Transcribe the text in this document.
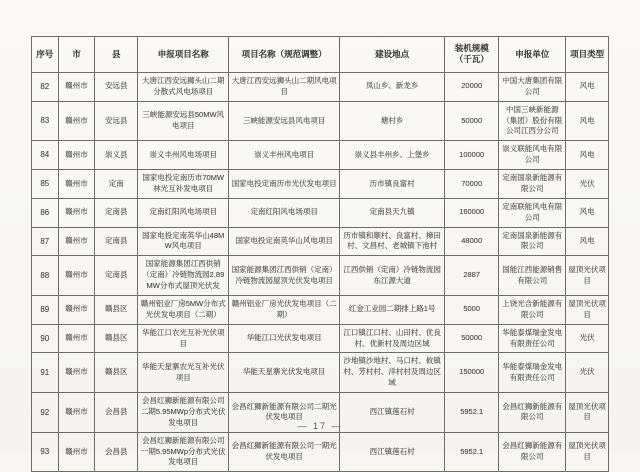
序号	市	县	申报项目名称	项目名称（规范调整）	建设地点	装机规模（千瓦）	申报单位	项目类型
82	赣州市	安远县	大唐江西安远狮头山二期分散式风电场项目	大唐江西安远狮头山二期风电项目	凤山乡、新龙乡	20000	中国大唐集团有限公司	风电
83	赣州市	安远县	三峡能源安远县50MW风电项目	三峡能源安远县风电项目	塘村乡	50000	中国三峡新能源（集团）股份有限公司江西分公司	风电
84	赣州市	崇义县	崇义丰州风电场项目	崇义丰州风电项目	崇义县丰州乡、上堡乡	100000	崇义联能风电有限公司	风电
85	赣州市	定南	国家电投定南历市70MW林光互补发电项目	国家电投定南历市光伏发电项目	历市镇良富村	70000	定南国泉新能源有限公司	光伏
86	赣州市	定南县	定南红阳风电场项目	定南红阳风电场项目	定南县天九镇	160000	定南联能风电有限公司	风电
87	赣州市	定南县	国家电投定南英华山48MW风电项目	国家电投定南英华山风电项目	历市镇和顺村、良富村、樟田村、文昌村、老城镇下池村	48000	定南国泉新能源有限公司	风电
88	赣州市	定南县	国家能源集团江西供销（定南）冷链物流园2.89MW分布式屋顶光伏发	国家能源集团江西供销（定南）冷链物流园屋顶光伏发电项目	江西供销（定南）冷链物流园东江源大道	2887	国能江西能源销售有限公司	屋顶光伏项目
89	赣州市	赣县区	赣州铝业厂房5MW分布式光伏发电项目（二期）	赣州铝业厂房光伏发电项目（二期）	红金工业园二期排上路1号	5000	上饶光合新能源有限公司	屋顶光伏项目
90	赣州市	赣县区	华能江口农光互补光伏项目	华能江口光伏发电项目	江口镇江口村、山田村、优良村、优新村及周边区域	50000	华能泰煤瑞金发电有限责任公司	光伏
91	赣州市	赣县区	华能天星寨农光互补光伏项目	华能天星寨光伏发电项目	沙地镇沙地村、马口村、攸镇村、芳村村、洋村村及周边区域	150000	华能泰煤瑞金发电有限责任公司	光伏
92	赣州市	会昌县	会昌红狮新能源有限公司二期5.95MWp分布式光伏发电项目	会昌红狮新能源有限公司二期光伏发电项目	西江镇莲石村	5952.1	会昌红狮新能源有限公司	屋顶光伏项目
93	赣州市	会昌县	会昌红狮新能源有限公司一期5.95MWp分布式光伏发电项目	会昌红狮新能源有限公司一期光伏发电项目	西江镇莲石村	5952.1	会昌红狮新能源有限公司	屋顶光伏项目
— 17 —
